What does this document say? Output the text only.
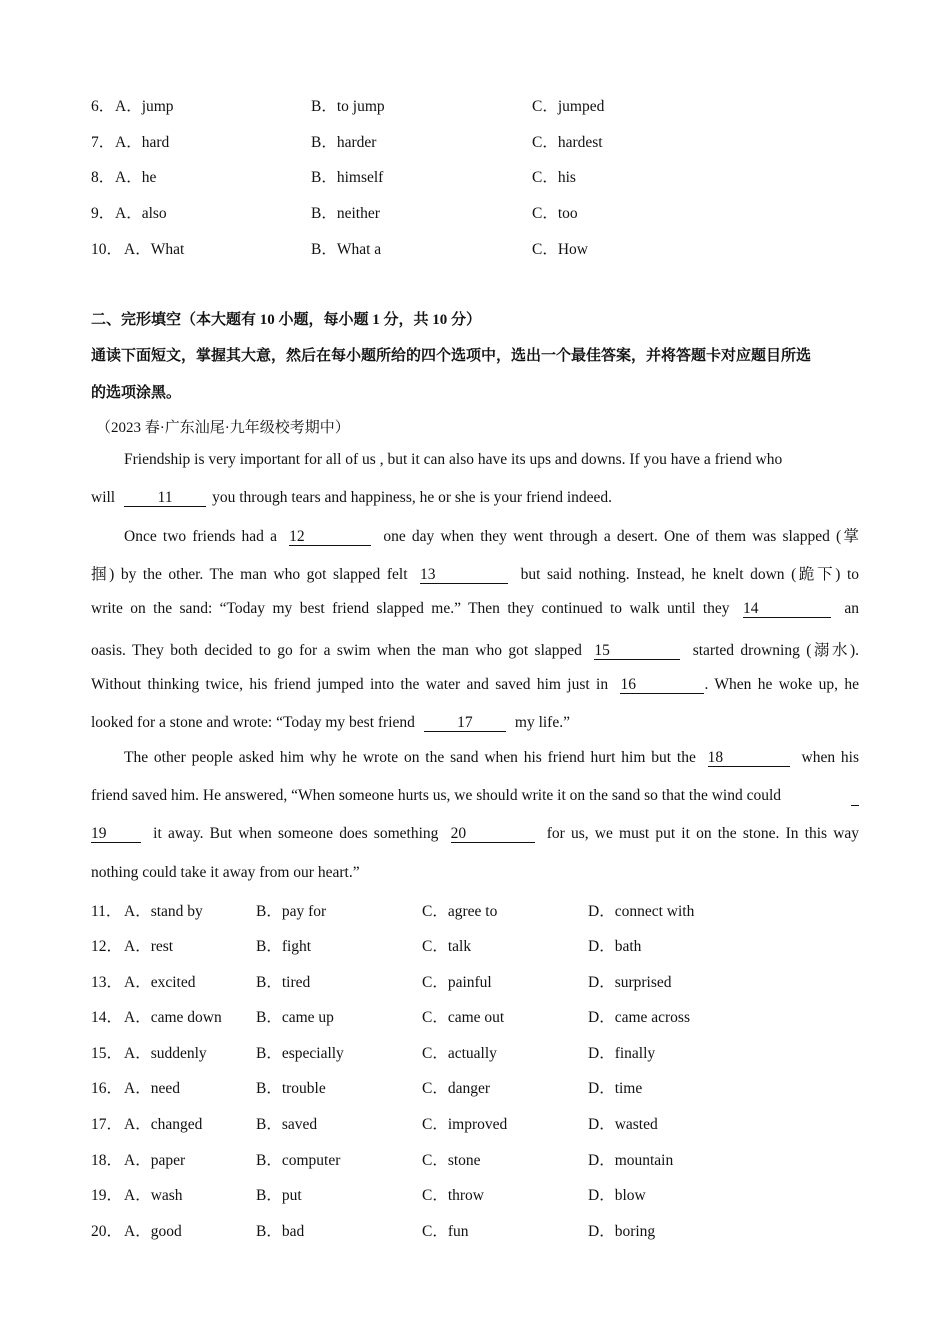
6． A．jump	B．to jump	C．jumped
7． A．hard	B．harder	C．hardest
8． A．he	B．himself	C．his
9． A．also	B．neither	C．too
10． A．What	B．What a	C．How
二、完形填空（本大题有 10 小题，每小题 1 分，共 10 分）
通读下面短文，掌握其大意，然后在每小题所给的四个选项中，选出一个最佳答案，并将答题卡对应题目所选
的选项涂黑。
（2023 春·广东汕尾·九年级校考期中）
Friendship is very important for all of us , but it can also have its ups and downs. If you have a friend who
will	11	you through tears and happiness, he or she is your friend indeed.
Once two friends had a 12	one day when they went through a desert. One of them was slapped (掌
掴) by the other. The man who got slapped felt 13	but said nothing. Instead, he knelt down (跪下) to
write on the sand: “Today my best friend slapped me.” Then they continued to walk until they 14	an
oasis. They both decided to go for a swim when the man who got slapped 15	started drowning (溺水).
Without thinking twice, his friend jumped into the water and saved him just in 16	. When he woke up, he
looked for a stone and wrote: “Today my best friend	17	my life.”
The other people asked him why he wrote on the sand when his friend hurt him but the 18	when his
friend saved him. He answered, “When someone hurts us, we should write it on the sand so that the wind could
19	it away. But when someone does something 20	for us, we must put it on the stone. In this way
nothing could take it away from our heart.”
11． A．stand by	B．pay for	C．agree to	D．connect with
12． A．rest	B．fight	C．talk	D．bath
13． A．excited	B．tired	C．painful	D．surprised
14． A．came down B．came up	C．came out	D．came across
15． A．suddenly	B．especially	C．actually	D．finally
16． A．need	B．trouble	C．danger	D．time
17． A．changed	B．saved	C．improved	D．wasted
18． A．paper	B．computer	C．stone	D．mountain
19． A．wash	B．put	C．throw	D．blow
20． A．good	B．bad	C．fun	D．boring
